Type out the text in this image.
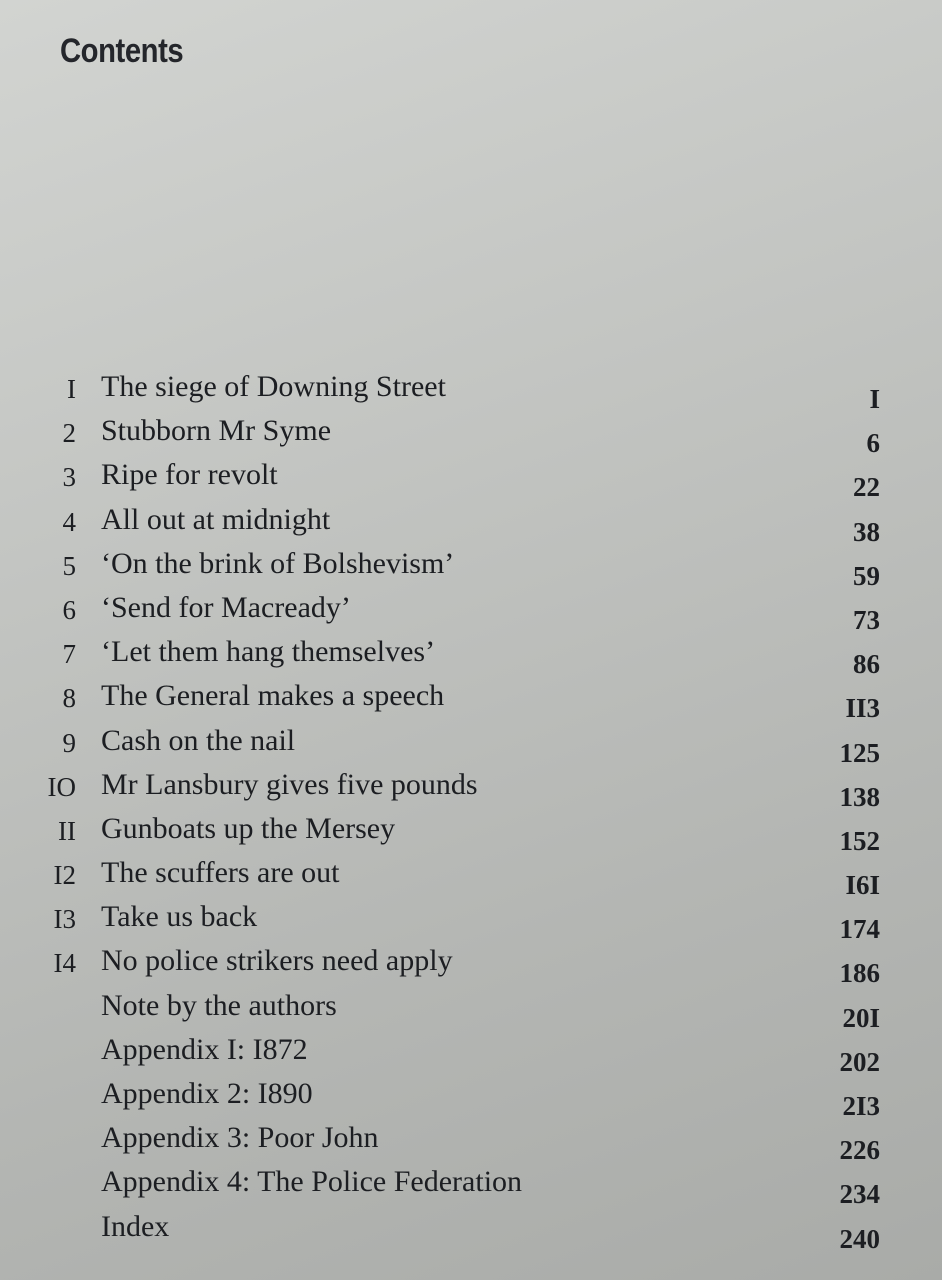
Contents
I The siege of Downing Street	I
2 Stubborn Mr Syme	6
3 Ripe for revolt	22
4 All out at midnight	38
5 ‘On the brink of Bolshevism’	59
6 ‘Send for Macready’	73
7 ‘Let them hang themselves’	86
8 The General makes a speech	II3
9 Cash on the nail	125
IO Mr Lansbury gives five pounds	138
II Gunboats up the Mersey	152
I2 The scuffers are out	I6I
I3 Take us back	174
I4 No police strikers need apply	186
Note by the authors	20I
Appendix I: I872	202
Appendix 2: I890	2I3
Appendix 3: Poor John	226
Appendix 4: The Police Federation	234
Index	240
